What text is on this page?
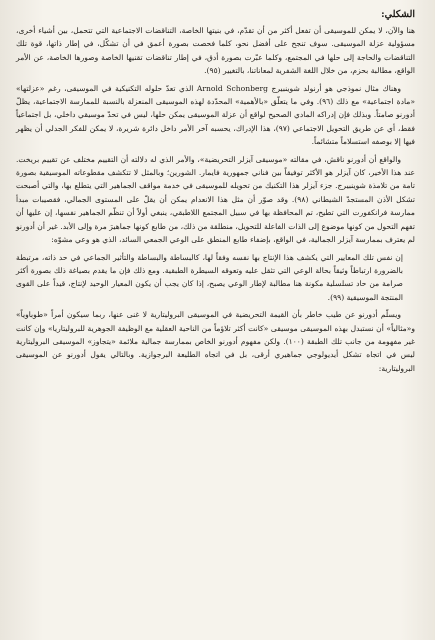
الشكلي:

هنا والآن، لا يمكن للموسيقى أن تفعل أكثر من أن تقدّم، في بنيتها الخاصة، التناقضات الاجتماعية التي تتحمل، بين أشياء أخرى، مسؤولية عزلة الموسيقى. سوف تنجح على أفضل نحو، كلما فحصت بصورة أعمق في أن تشكّل، في إطار ذاتها، قوة تلك التناقضات والحاجة إلى حلها في المجتمع، وكلما عبّرت بصورة أدق، في إطار تناقضات تقنيها الخاصة وصورها الخاصة، عن الأمر الواقع، مطالبة بحزم، من خلال اللغة الشفرية لمعاناتنا، بالتغيير (٩٥).

وهناك مثال نموذجي هو أرنولد شوينبيرج Arnold Schonberg الذي تعدّ حلوله التكنيكية في الموسيقى، رغم «عزلتها» «مادة اجتماعية» مع ذلك (٩٦). وفي ما يتعلّق «بالأهمية» المحدّدة لهذه الموسيقى المنعزلة بالنسبة للممارسة الاجتماعية، يظلّ أدورنو صامتاً. وبذلك فإن إدراكه المادي الصحيح لواقع أن عزلة الموسيقى يمكن حلها، ليس في تحدّ موسيقي داخلي، بل اجتماعياً فقط، أي عن طريق التحويل الاجتماعي (٩٧)، هذا الإدراك، يحسبه آخر الأمر داخل دائرة شريرة، لا يمكن للفكر الجدلي أن يظهر فيها إلا بوصفه استسلاماً متشائماً.

والواقع أن أدورنو ناقش، في مقالته «موسيقى آيزلر التحريضية»، والأمر الذي له دلالته أن التقييم مختلف عن تقييم بريخت. عند هذا الأخير، كان آيزلر هو الأكثر توفيقاً بين فناني جمهورية فايمار. الشورين؛ وبالمثل لا تتكشف مقطوعاته الموسيقية بصورة تامة من تلامذة شوينبيرج. جزء آيزلر هذا التكنيك من تحويله للموسيقى في خدمة مواقف الجماهير التي يتطلع بها، والتي أصبحت تشكل الأذن المستجدّ الشيطاني (٩٨). وقد صوّر أن مثل هذا الانعدام يمكن أن يقلّ على المستوى الجمالي، فقصيبات مبدأ ممارسة فرانكفورت التي تطيح، تم المحافظة بها في سبيل المجتمع اللاطبقي، ينبغي أولاً أن تنظّم الجماهير نفسها، إن عليها أن تفهم التحول من كونها موضوع إلى الذات الفاعلة للتحويل، منطلقة من ذلك، من طابع كونها جماهيرَ مرة وإلى الأبد. غير أن أدورنو لم يعترف بممارسة آيزلر الجمالية، في الواقع، بإضفاء طابع المنطق على الوعي الجمعي السائد، الذي هو وعي مشوّه:

إن نفس تلك المعايير التي يكشف هذا الإنتاج بها نفسه وفقاً لها، كالبساطة والبساطة والتأثير الجماعي في حد ذاته، مرتبطة بالضرورة ارتباطاً وثيقاً بحالة الوعي التي تثقل عليه وتعوقه السيطرة الطبقية. ومع ذلك فإن ما يقدم بصياغة ذلك بصورة أكثر صرامة من حاد تسلسلية مكونة هنا مطالبة لإطار الوعي يصبح، إذا كان يجب أن يكون المعيار الوحيد لإنتاج، قيداً على القوى المنتجة الموسيقية (٩٩).

ويسلّم أدورنو عن طيب خاطر بأن القيمة التحريضية في الموسيقى البروليتارية لا غنى عنها، ربما سيكون أمراً «طوباوياً» و«مثالياً» أن نستبدل بهذه الموسيقى موسيقى «كانت أكثر تلاؤماً من الناحية العقلية مع الوظيفة الجوهرية للبروليتاريا» وإن كانت غير مفهومة من جانب تلك الطبقة (١٠٠). ولكن مفهوم أدورنو الخاص بممارسة جمالية ملائمة «يتجاوز» الموسيقى البروليتارية ليس في اتجاه تشكل أيديولوجي جماهيري أرقى، بل في اتجاه الطليعة البرجوازية. وبالتالي يقول أدورنو عن الموسيقى البروليتارية:
